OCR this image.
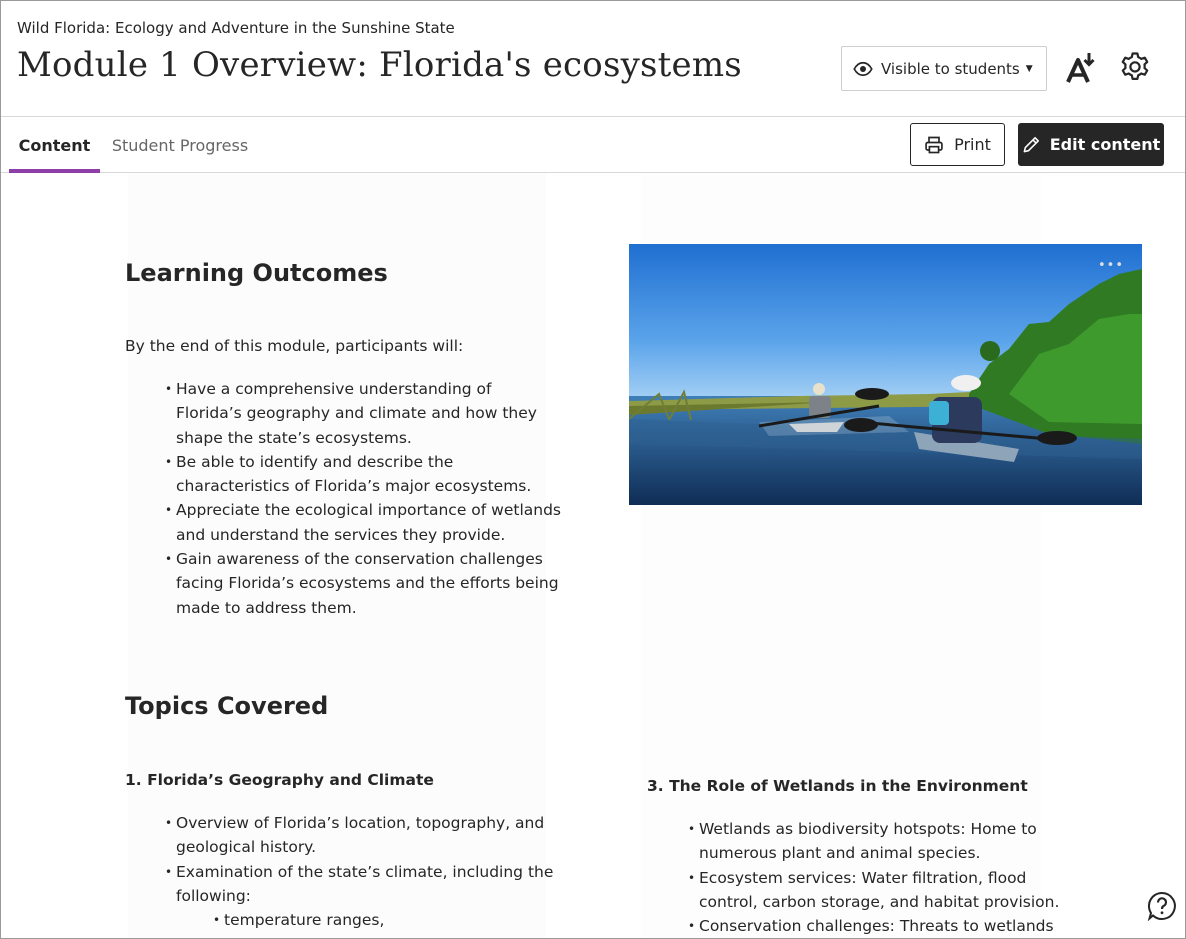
Wild Florida: Ecology and Adventure in the Sunshine State
Module 1 Overview: Florida's ecosystems	Visible to students ▼
Content	Student Progress	Print	Edit content
Learning Outcomes

By the end of this module, participants will:

• Have a comprehensive understanding of
Florida’s geography and climate and how they
shape the state’s ecosystems.
• Be able to identify and describe the
characteristics of Florida’s major ecosystems.
• Appreciate the ecological importance of wetlands
and understand the services they provide.
• Gain awareness of the conservation challenges
facing Florida’s ecosystems and the efforts being
made to address them.
•••
Topics Covered
1. Florida’s Geography and Climate
• Overview of Florida’s location, topography, and
geological history.
• Examination of the state’s climate, including the
following:
• temperature ranges,
3. The Role of Wetlands in the Environment
• Wetlands as biodiversity hotspots: Home to
numerous plant and animal species.
• Ecosystem services: Water filtration, flood
control, carbon storage, and habitat provision.
• Conservation challenges: Threats to wetlands
